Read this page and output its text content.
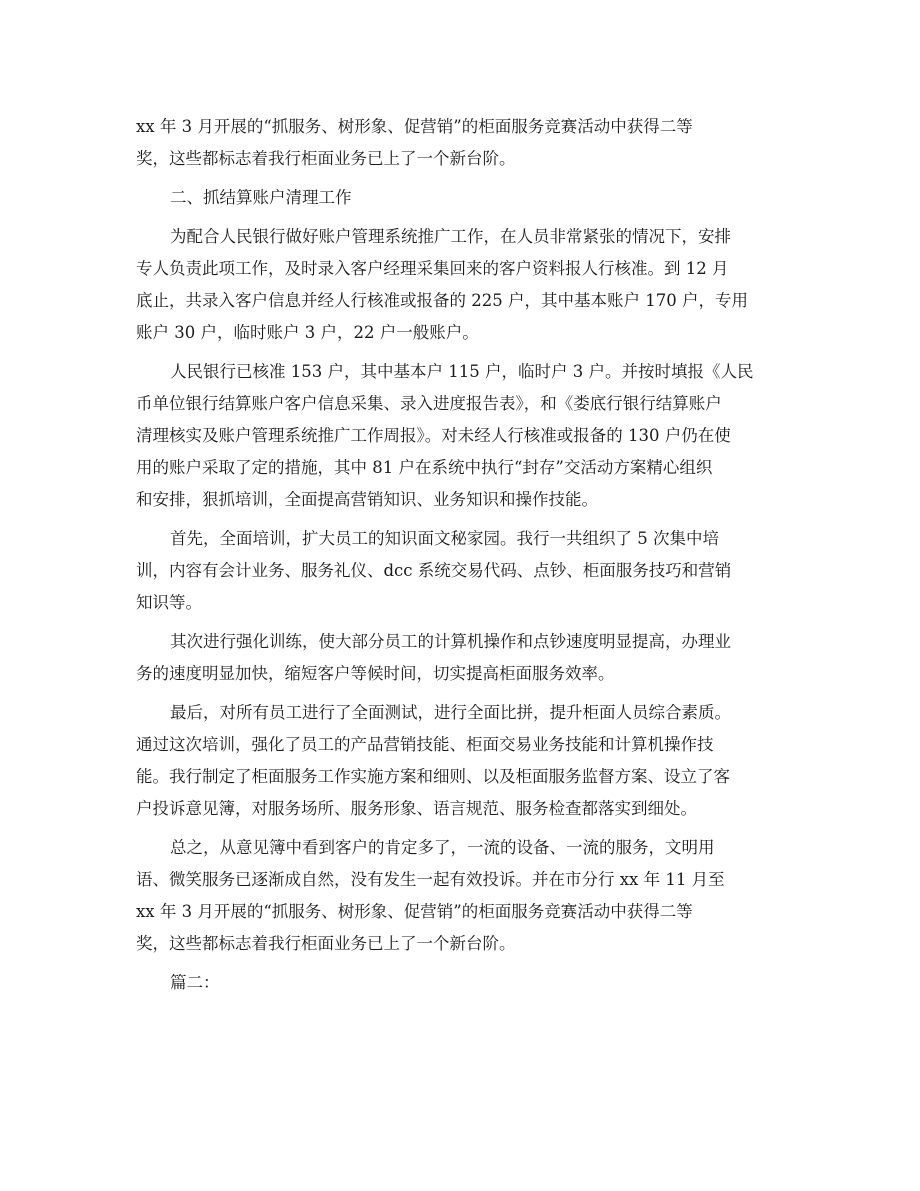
xx 年 3 月开展的“抓服务、树形象、促营销”的柜面服务竞赛活动中获得二等
奖，这些都标志着我行柜面业务已上了一个新台阶。
二、抓结算账户清理工作
为配合人民银行做好账户管理系统推广工作，在人员非常紧张的情况下，安排
专人负责此项工作，及时录入客户经理采集回来的客户资料报人行核准。到 12 月
底止，共录入客户信息并经人行核准或报备的 225 户，其中基本账户 170 户，专用
账户 30 户，临时账户 3 户，22 户一般账户。
人民银行已核准 153 户，其中基本户 115 户，临时户 3 户。并按时填报《人民
币单位银行结算账户客户信息采集、录入进度报告表》，和《娄底行银行结算账户
清理核实及账户管理系统推广工作周报》。对未经人行核准或报备的 130 户仍在使
用的账户采取了定的措施，其中 81 户在系统中执行“封存”交活动方案精心组织
和安排，狠抓培训，全面提高营销知识、业务知识和操作技能。
首先，全面培训，扩大员工的知识面文秘家园。我行一共组织了 5 次集中培
训，内容有会计业务、服务礼仪、dcc 系统交易代码、点钞、柜面服务技巧和营销
知识等。
其次进行强化训练，使大部分员工的计算机操作和点钞速度明显提高，办理业
务的速度明显加快，缩短客户等候时间，切实提高柜面服务效率。
最后，对所有员工进行了全面测试，进行全面比拼，提升柜面人员综合素质。
通过这次培训，强化了员工的产品营销技能、柜面交易业务技能和计算机操作技
能。我行制定了柜面服务工作实施方案和细则、以及柜面服务监督方案、设立了客
户投诉意见簿，对服务场所、服务形象、语言规范、服务检查都落实到细处。
总之，从意见簿中看到客户的肯定多了，一流的设备、一流的服务，文明用
语、微笑服务已逐渐成自然，没有发生一起有效投诉。并在市分行 xx 年 11 月至
xx 年 3 月开展的“抓服务、树形象、促营销”的柜面服务竞赛活动中获得二等
奖，这些都标志着我行柜面业务已上了一个新台阶。
篇二：
